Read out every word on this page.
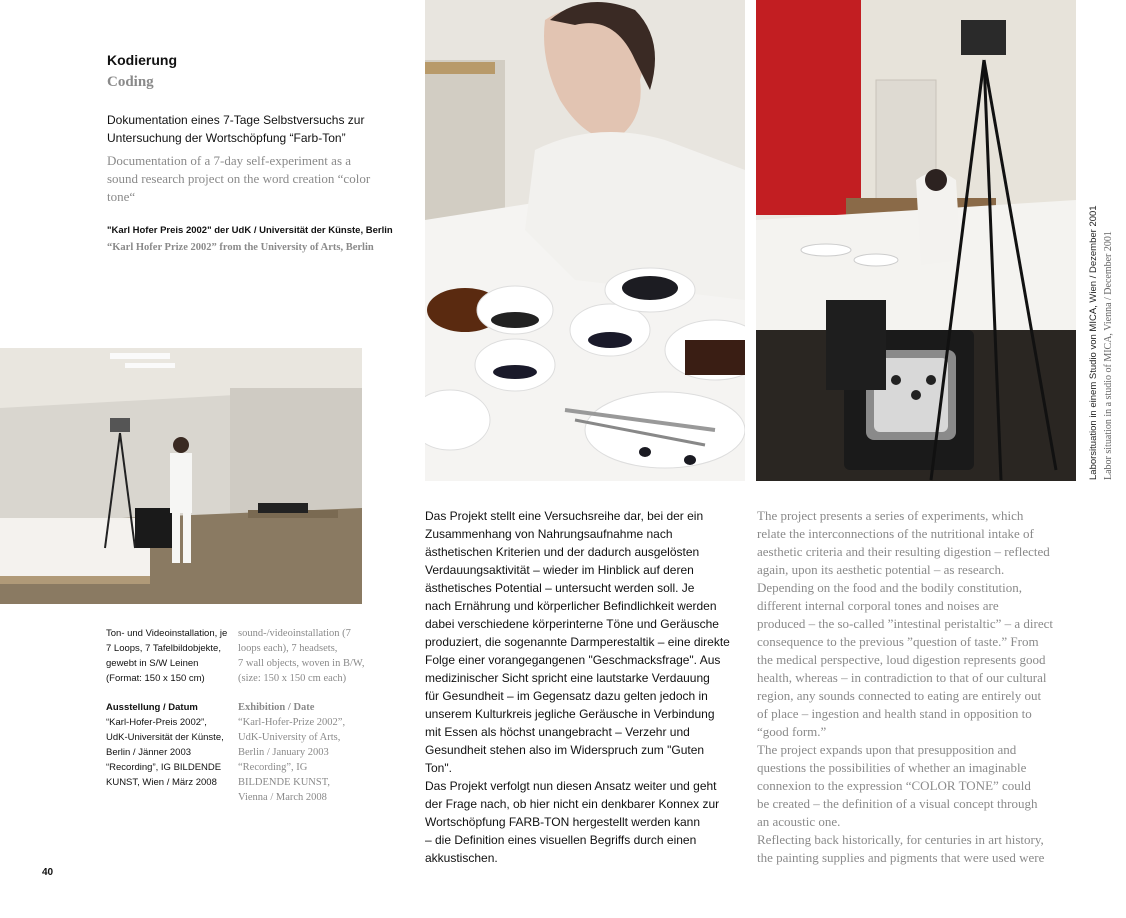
Kodierung
Coding
Dokumentation eines 7-Tage Selbstversuchs zur
Untersuchung der Wortschöpfung “Farb-Ton”
Documentation of a 7-day self-experiment as a
sound research project on the word creation “color
tone“
"Karl Hofer Preis 2002" der UdK / Universität der Künste, Berlin
“Karl Hofer Prize 2002” from the University of Arts, Berlin	Laborsituation in einem Studio von MICA, Wien / Dezember 2001 Labor situation in a studio of MICA, Vienna / December 2001
Ton- und Videoinstallation, je
7 Loops, 7 Tafelbildobjekte,
gewebt in S/W Leinen
(Format: 150 x 150 cm)
sound-/videoinstallation (7
loops each), 7 headsets,
7 wall objects, woven in B/W,
(size: 150 x 150 cm each)
Ausstellung / Datum
“Karl-Hofer-Preis 2002”,
UdK-Universität der Künste,
Berlin / Jänner 2003
“Recording”, IG BILDENDE
KUNST, Wien / März 2008
Exhibition / Date
“Karl-Hofer-Prize 2002”,
UdK-University of Arts,
Berlin / January 2003
“Recording”, IG
BILDENDE KUNST,
Vienna / March 2008
Das Projekt stellt eine Versuchsreihe dar, bei der ein
Zusammenhang von Nahrungsaufnahme nach
ästhetischen Kriterien und der dadurch ausgelösten
Verdauungsaktivität – wieder im Hinblick auf deren
ästhetisches Potential – untersucht werden soll. Je
nach Ernährung und körperlicher Befindlichkeit werden
dabei verschiedene körperinterne Töne und Geräusche
produziert, die sogenannte Darmperestaltik – eine direkte
Folge einer vorangegangenen "Geschmacksfrage". Aus
medizinischer Sicht spricht eine lautstarke Verdauung
für Gesundheit – im Gegensatz dazu gelten jedoch in
unserem Kulturkreis jegliche Geräusche in Verbindung
mit Essen als höchst unangebracht – Verzehr und
Gesundheit stehen also im Widerspruch zum "Guten
Ton".
Das Projekt verfolgt nun diesen Ansatz weiter und geht
der Frage nach, ob hier nicht ein denkbarer Konnex zur
Wortschöpfung FARB-TON hergestellt werden kann
– die Definition eines visuellen Begriffs durch einen
akkustischen.
The project presents a series of experiments, which
relate the interconnections of the nutritional intake of
aesthetic criteria and their resulting digestion – reflected
again, upon its aesthetic potential – as research.
Depending on the food and the bodily constitution,
different internal corporal tones and noises are
produced – the so-called ”intestinal peristaltic” – a direct
consequence to the previous ”question of taste.” From
the medical perspective, loud digestion represents good
health, whereas – in contradiction to that of our cultural
region, any sounds connected to eating are entirely out
of place – ingestion and health stand in opposition to
“good form.”
The project expands upon that presupposition and
questions the possibilities of whether an imaginable
connexion to the expression “COLOR TONE” could
be created – the definition of a visual concept through
an acoustic one.
Reflecting back historically, for centuries in art history,
the painting supplies and pigments that were used were
40
